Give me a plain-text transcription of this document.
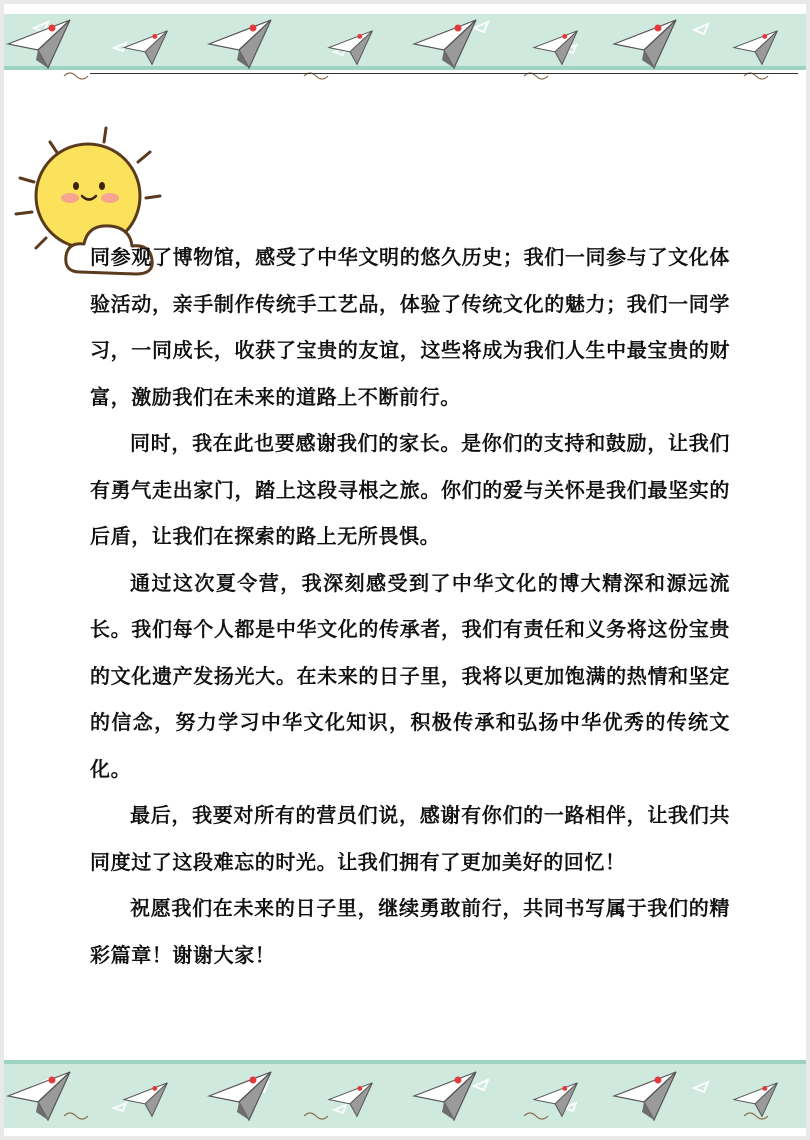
同参观了博物馆，感受了中华文明的悠久历史；我们一同参与了文化体验活动，亲手制作传统手工艺品，体验了传统文化的魅力；我们一同学习，一同成长，收获了宝贵的友谊，这些将成为我们人生中最宝贵的财富，激励我们在未来的道路上不断前行。

同时，我在此也要感谢我们的家长。是你们的支持和鼓励，让我们有勇气走出家门，踏上这段寻根之旅。你们的爱与关怀是我们最坚实的后盾，让我们在探索的路上无所畏惧。

通过这次夏令营，我深刻感受到了中华文化的博大精深和源远流长。我们每个人都是中华文化的传承者，我们有责任和义务将这份宝贵的文化遗产发扬光大。在未来的日子里，我将以更加饱满的热情和坚定的信念，努力学习中华文化知识，积极传承和弘扬中华优秀的传统文化。

最后，我要对所有的营员们说，感谢有你们的一路相伴，让我们共同度过了这段难忘的时光。让我们拥有了更加美好的回忆！

祝愿我们在未来的日子里，继续勇敢前行，共同书写属于我们的精彩篇章！谢谢大家！
